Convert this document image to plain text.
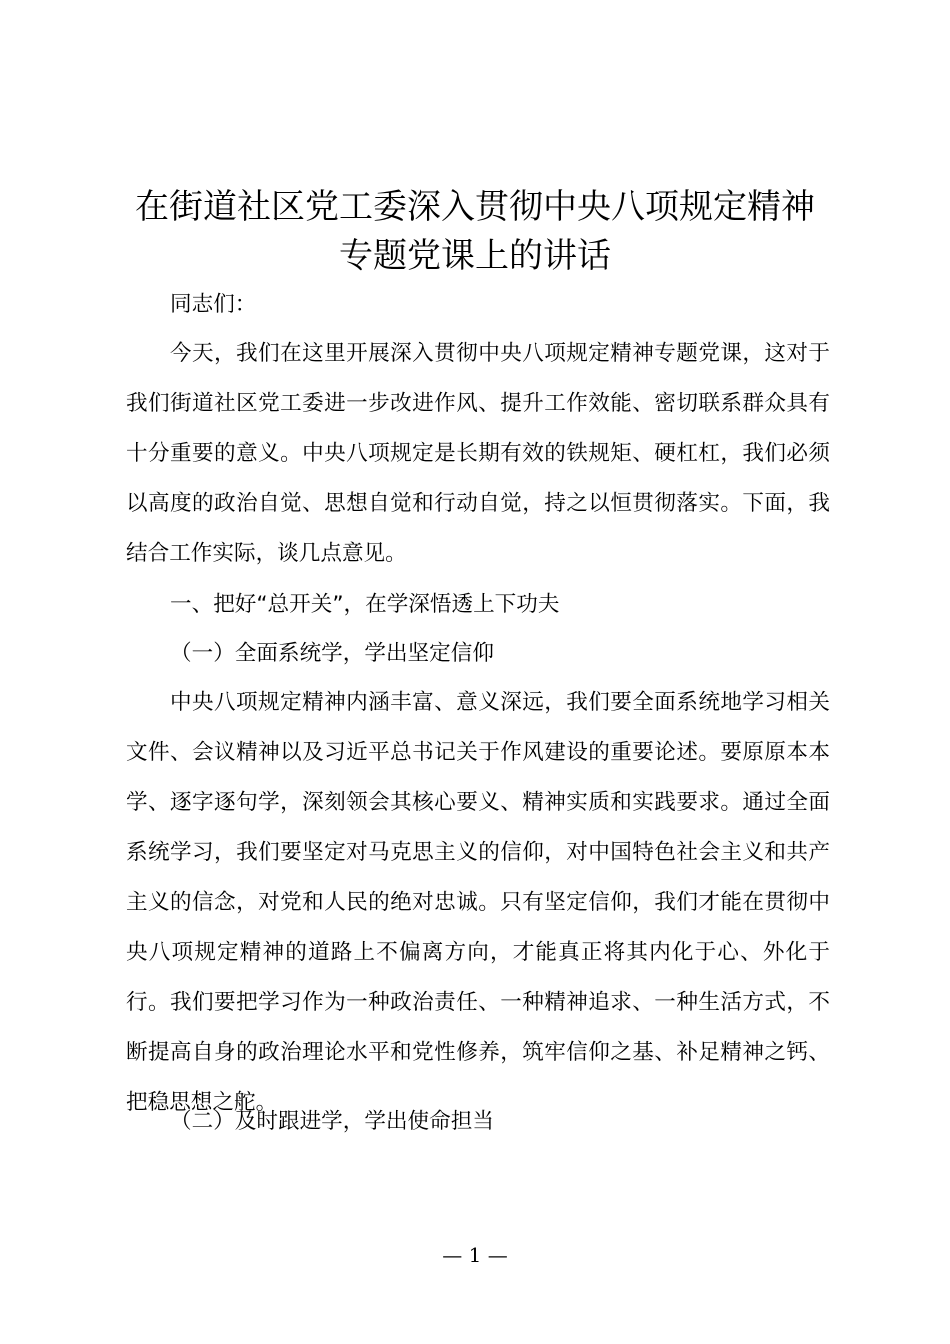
在街道社区党工委深入贯彻中央八项规定精神
专题党课上的讲话

同志们：

今天，我们在这里开展深入贯彻中央八项规定精神专题党课，这对于我们街道社区党工委进一步改进作风、提升工作效能、密切联系群众具有十分重要的意义。中央八项规定是长期有效的铁规矩、硬杠杠，我们必须以高度的政治自觉、思想自觉和行动自觉，持之以恒贯彻落实。下面，我结合工作实际，谈几点意见。

一、把好“总开关”，在学深悟透上下功夫

（一）全面系统学，学出坚定信仰

中央八项规定精神内涵丰富、意义深远，我们要全面系统地学习相关文件、会议精神以及习近平总书记关于作风建设的重要论述。要原原本本学、逐字逐句学，深刻领会其核心要义、精神实质和实践要求。通过全面系统学习，我们要坚定对马克思主义的信仰，对中国特色社会主义和共产主义的信念，对党和人民的绝对忠诚。只有坚定信仰，我们才能在贯彻中央八项规定精神的道路上不偏离方向，才能真正将其内化于心、外化于行。我们要把学习作为一种政治责任、一种精神追求、一种生活方式，不断提高自身的政治理论水平和党性修养，筑牢信仰之基、补足精神之钙、把稳思想之舵。

（二）及时跟进学，学出使命担当

— 1 —
